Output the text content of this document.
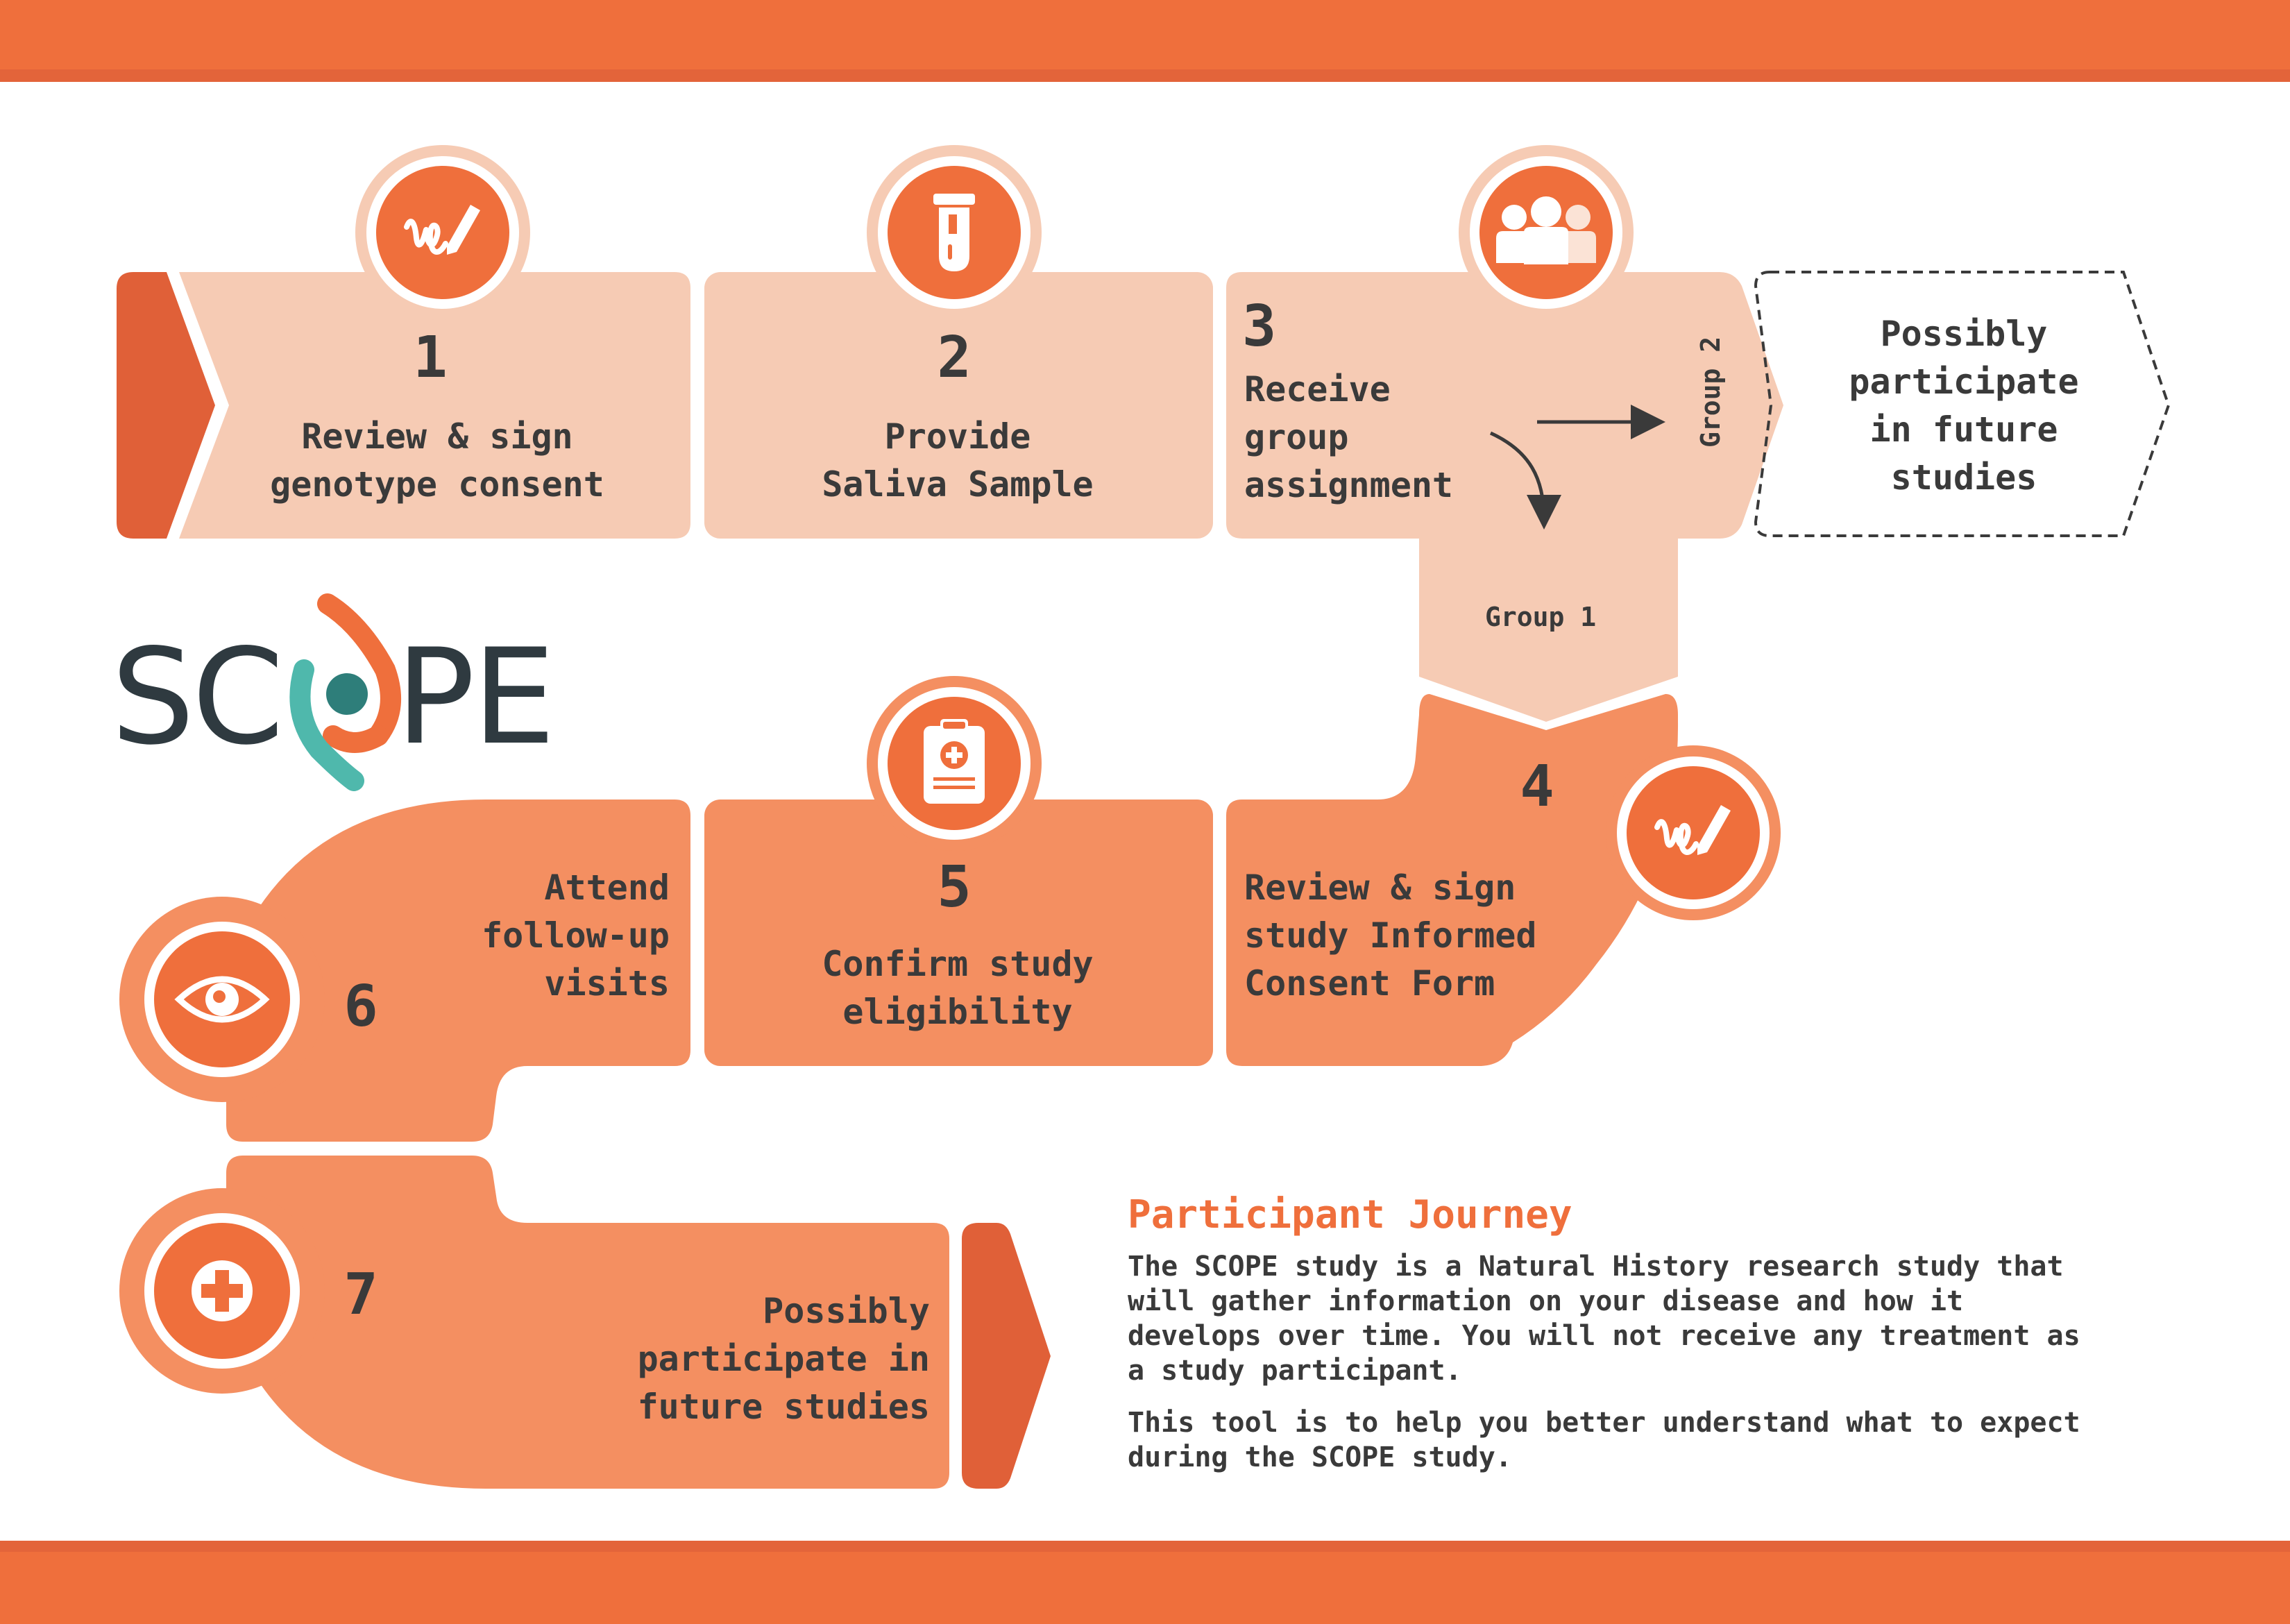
1
Review & sign
genotype consent
2
Provide
Saliva Sample
3
Receive
group
assignment
Group 2
Group 1
Possibly
participate
in future
studies
4
Review & sign
study Informed
Consent Form
5
Confirm study
eligibility
6
Attend
follow-up
visits
7	Possibly
participate in
future studies
SC PE
Participant Journey
The SCOPE study is a Natural History research study that will gather information on your disease and how it develops over time. You will not receive any treatment as a study participant.
This tool is to help you better understand what to expect during the SCOPE study.
